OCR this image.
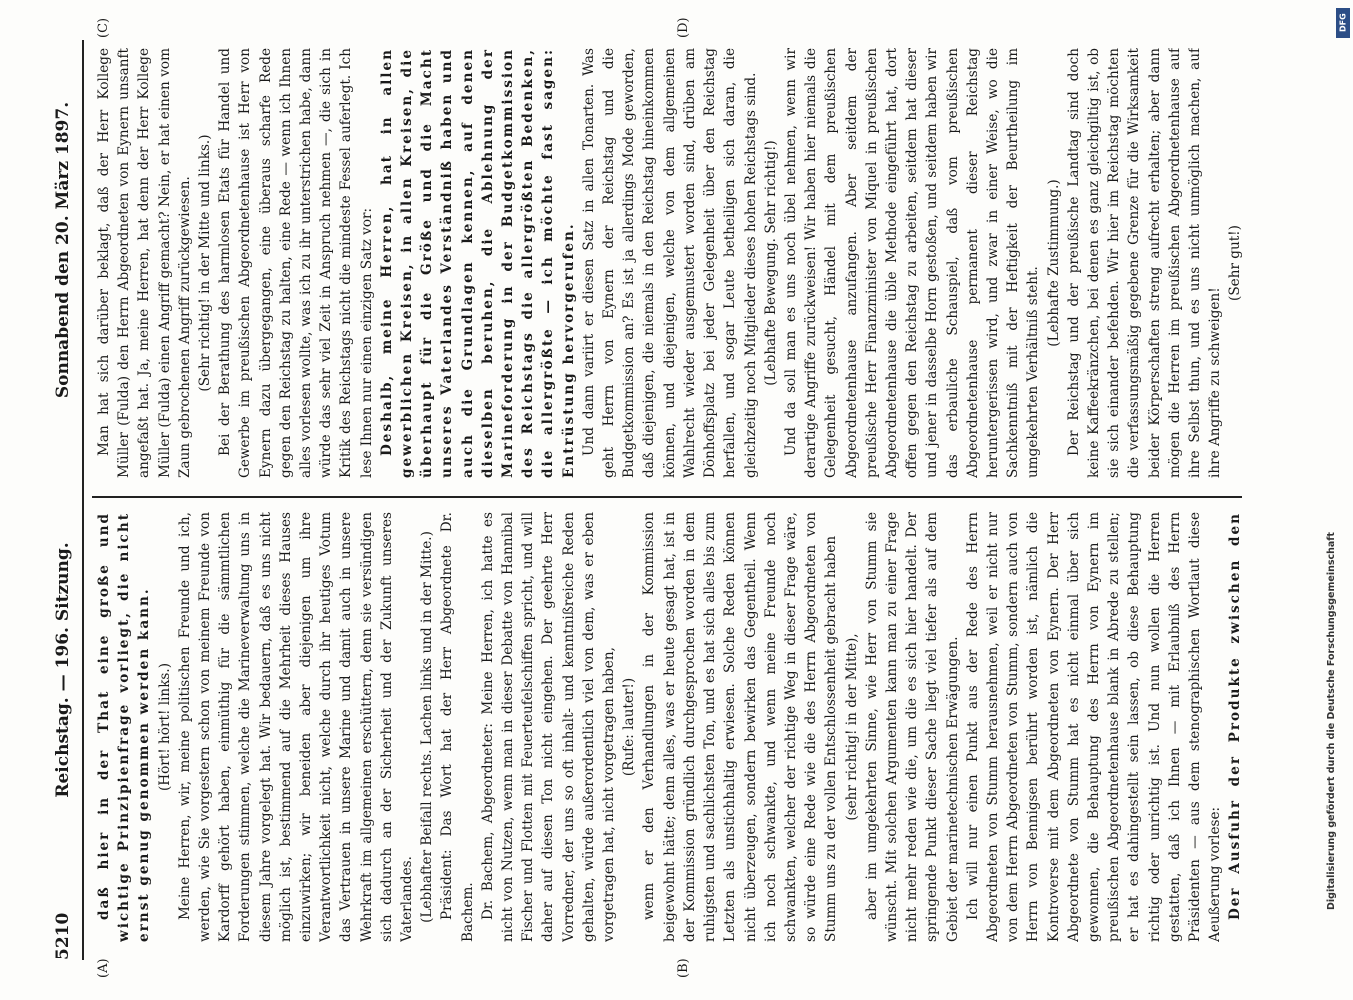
5210
Reichstag. — 196. Sitzung.
Sonnabend den 20. März 1897.
(A)	(B)
(C)	(D)

daß hier in der That eine große und wichtige Prinzipienfrage vorliegt, die nicht ernst genug genommen werden kann. (Hört! hört! links.) Meine Herren, wir, meine politischen Freunde und ich, werden, wie Sie vorgestern schon von meinem Freunde von Kardorff gehört haben, einmüthig für die sämmtlichen Forderungen stimmen, welche die Marineverwaltung uns in diesem Jahre vorgelegt hat. Wir bedauern, daß es uns nicht möglich ist, bestimmend auf die Mehrheit dieses Hauses einzuwirken; wir beneiden aber diejenigen um ihre Verantwortlichkeit nicht, welche durch ihr heutiges Votum das Vertrauen in unsere Marine und damit auch in unsere Wehrkraft im allgemeinen erschüttern, denn sie versündigen sich dadurch an der Sicherheit und der Zukunft unseres Vaterlandes. (Lebhafter Beifall rechts. Lachen links und in der Mitte.) Präsident: Das Wort hat der Herr Abgeordnete Dr. Bachem. Dr. Bachem, Abgeordneter: Meine Herren, ich hatte es nicht von Nutzen, wenn man in dieser Debatte von Hannibal Fischer und Flotten mit Feuerteufelschiffen spricht, und will daher auf diesen Ton nicht eingehen. Der geehrte Herr Vorredner, der uns so oft inhalt- und kenntnißreiche Reden gehalten, würde außerordentlich viel von dem, was er eben vorgetragen hat, nicht vorgetragen haben, (Rufe: lauter!) wenn er den Verhandlungen in der Kommission beigewohnt hätte; denn alles, was er heute gesagt hat, ist in der Kommission gründlich durchgesprochen worden in dem ruhigsten und sachlichsten Ton, und es hat sich alles bis zum Letzten als unstichhaltig erwiesen. Solche Reden können nicht überzeugen, sondern bewirken das Gegentheil. Wenn ich noch schwankte, und wenn meine Freunde noch schwankten, welcher der richtige Weg in dieser Frage wäre, so würde eine Rede wie die des Herrn Abgeordneten von Stumm uns zu der vollen Entschlossenheit gebracht haben (sehr richtig! in der Mitte), aber im umgekehrten Sinne, wie Herr von Stumm sie wünscht. Mit solchen Argumenten kann man zu einer Frage nicht mehr reden wie die, um die es sich hier handelt. Der springende Punkt dieser Sache liegt viel tiefer als auf dem Gebiet der marinetechnischen Erwägungen. Ich will nur einen Punkt aus der Rede des Herrn Abgeordneten von Stumm herausnehmen, weil er nicht nur von dem Herrn Abgeordneten von Stumm, sondern auch von Herrn von Bennigsen berührt worden ist, nämlich die Kontroverse mit dem Abgeordneten von Eynern. Der Herr Abgeordnete von Stumm hat es nicht einmal über sich gewonnen, die Behauptung des Herrn von Eynern im preußischen Abgeordnetenhause blank in Abrede zu stellen; er hat es dahingestellt sein lassen, ob diese Behauptung richtig oder unrichtig ist. Und nun wollen die Herren gestatten, daß ich Ihnen — mit Erlaubniß des Herrn Präsidenten — aus dem stenographischen Wortlaut diese Aeußerung vorlese: Der Ausfuhr der Produkte zwischen den

Man hat sich darüber beklagt, daß der Herr Kollege Müller (Fulda) den Herrn Abgeordneten von Eynern unsanft angefaßt hat. Ja, meine Herren, hat denn der Herr Kollege Müller (Fulda) einen Angriff gemacht? Nein, er hat einen vom Zaun gebrochenen Angriff zurückgewiesen. (Sehr richtig! in der Mitte und links.) Bei der Berathung des harmlosen Etats für Handel und Gewerbe im preußischen Abgeordnetenhause ist Herr von Eynern dazu übergegangen, eine überaus scharfe Rede gegen den Reichstag zu halten, eine Rede — wenn ich Ihnen alles vorlesen wollte, was ich zu ihr unterstrichen habe, dann würde das sehr viel Zeit in Anspruch nehmen —, die sich in Kritik des Reichstags nicht die mindeste Fessel auferlegt. Ich lese Ihnen nur einen einzigen Satz vor: Deshalb, meine Herren, hat in allen gewerblichen Kreisen, in allen Kreisen, die überhaupt für die Größe und die Macht unseres Vaterlandes Verständniß haben und auch die Grundlagen kennen, auf denen dieselben beruhen, die Ablehnung der Marineforderung in der Budgetkommission des Reichstags die allergrößten Bedenken, die allergrößte — ich möchte fast sagen: Entrüstung hervorgerufen. Und dann variirt er diesen Satz in allen Tonarten. Was geht Herrn von Eynern der Reichstag und die Budgetkommission an? Es ist ja allerdings Mode geworden, daß diejenigen, die niemals in den Reichstag hineinkommen können, und diejenigen, welche von dem allgemeinen Wahlrecht wieder ausgemustert worden sind, drüben am Dönhoffsplatz bei jeder Gelegenheit über den Reichstag herfallen, und sogar Leute betheiligen sich daran, die gleichzeitig noch Mitglieder dieses hohen Reichstags sind. (Lebhafte Bewegung. Sehr richtig!) Und da soll man es uns noch übel nehmen, wenn wir derartige Angriffe zurückweisen! Wir haben hier niemals die Gelegenheit gesucht, Händel mit dem preußischen Abgeordnetenhause anzufangen. Aber seitdem der preußische Herr Finanzminister von Miquel in preußischen Abgeordnetenhause die üble Methode eingeführt hat, dort offen gegen den Reichstag zu arbeiten, seitdem hat dieser und jener in dasselbe Horn gestoßen, und seitdem haben wir das erbauliche Schauspiel, daß vom preußischen Abgeordnetenhause permanent dieser Reichstag heruntergerissen wird, und zwar in einer Weise, wo die Sachkenntniß mit der Heftigkeit der Beurtheilung im umgekehrten Verhältniß steht.

(Lebhafte Zustimmung.) Der Reichstag und der preußische Landtag sind doch keine Kaffeekränzchen, bei denen es ganz gleichgiltig ist, ob sie sich einander befehden. Wir hier im Reichstag möchten die verfassungsmäßig gegebene Grenze für die Wirksamkeit beider Körperschaften streng aufrecht erhalten; aber dann mögen die Herren im preußischen Abgeordnetenhause auf ihre Selbst thun, und es uns nicht unmöglich machen, auf ihre Angriffe zu schweigen!

(Sehr gut!)

DFG
Digitalisierung gefördert durch die Deutsche Forschungsgemeinschaft
